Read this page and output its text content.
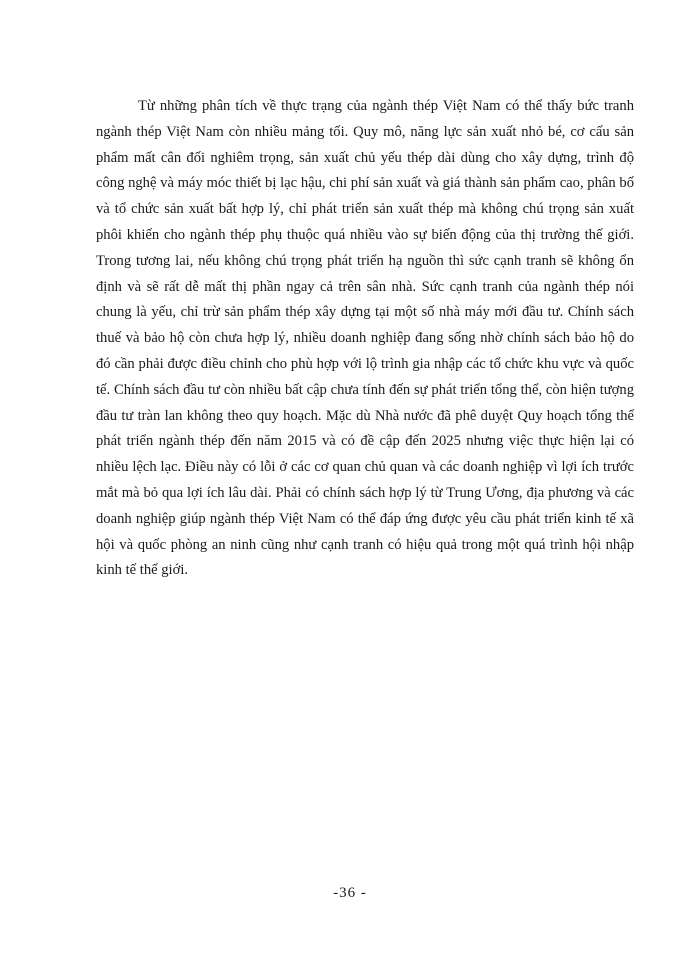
Từ những phân tích về thực trạng của ngành thép Việt Nam có thể thấy bức tranh ngành thép Việt Nam còn nhiều mảng tối. Quy mô, năng lực sản xuất nhỏ bé, cơ cấu sản phẩm mất cân đối nghiêm trọng, sản xuất chủ yếu thép dài dùng cho xây dựng, trình độ công nghệ và máy móc thiết bị lạc hậu, chi phí sản xuất và giá thành sản phẩm cao, phân bố và tổ chức sản xuất bất hợp lý, chỉ phát triển sản xuất thép mà không chú trọng sản xuất phôi khiến cho ngành thép phụ thuộc quá nhiều vào sự biến động của thị trường thế giới. Trong tương lai, nếu không chú trọng phát triển hạ nguồn thì sức cạnh tranh sẽ không ổn định và sẽ rất dễ mất thị phần ngay cả trên sân nhà. Sức cạnh tranh của ngành thép nói chung là yếu, chỉ trừ sản phẩm thép xây dựng tại một số nhà máy mới đầu tư. Chính sách thuế và bảo hộ còn chưa hợp lý, nhiều doanh nghiệp đang sống nhờ chính sách bảo hộ do đó cần phải được điều chỉnh cho phù hợp với lộ trình gia nhập các tổ chức khu vực và quốc tế. Chính sách đầu tư còn nhiều bất cập chưa tính đến sự phát triển tổng thể, còn hiện tượng đầu tư tràn lan không theo quy hoạch. Mặc dù Nhà nước đã phê duyệt Quy hoạch tổng thể phát triển ngành thép đến năm 2015 và có đề cập đến 2025 nhưng việc thực hiện lại có nhiều lệch lạc. Điều này có lỗi ở các cơ quan chủ quan và các doanh nghiệp vì lợi ích trước mắt mà bỏ qua lợi ích lâu dài. Phải có chính sách hợp lý từ Trung Ương, địa phương và các doanh nghiệp giúp ngành thép Việt Nam có thể đáp ứng được yêu cầu phát triển kinh tế xã hội và quốc phòng an ninh cũng như cạnh tranh có hiệu quả trong một quá trình hội nhập kinh tế thế giới.

-36 -
